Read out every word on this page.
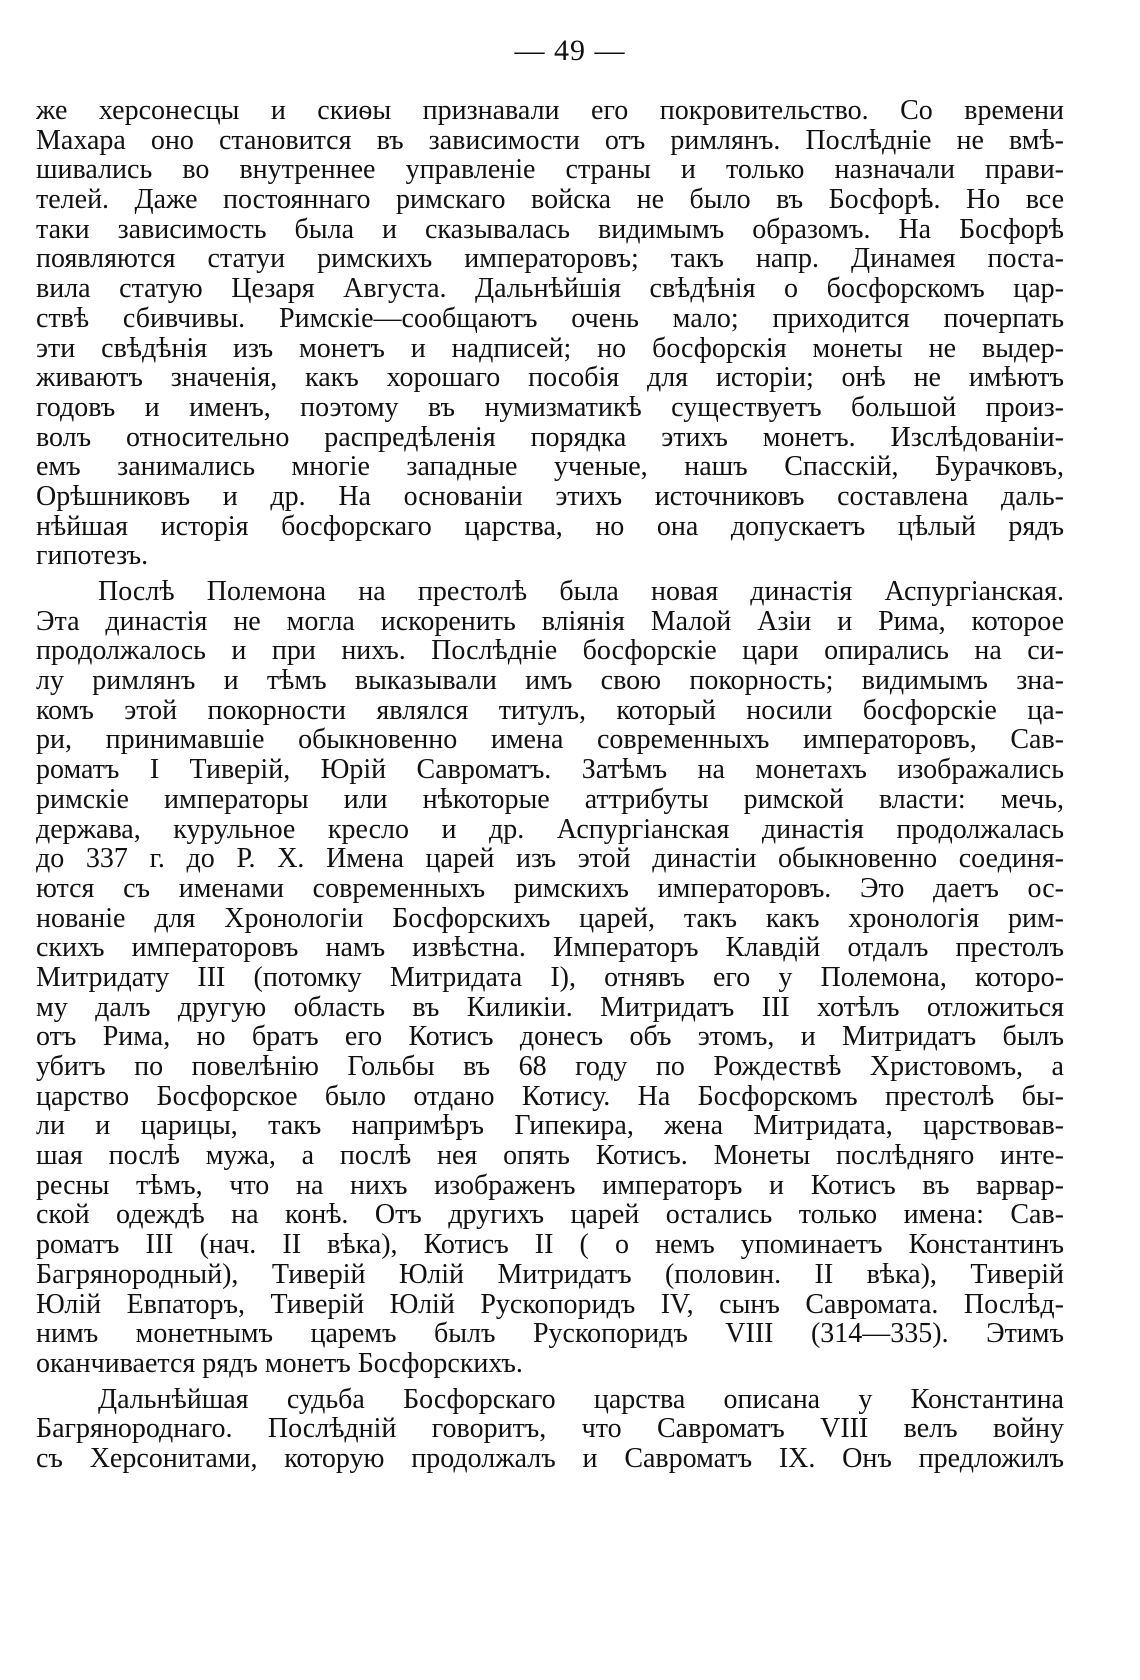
— 49 —
же херсонесцы и скиѳы признавали его покровительство. Со времени
Махара оно становится въ зависимости отъ римлянъ. Послѣдніе не вмѣ-
шивались во внутреннее управленіе страны и только назначали прави-
телей. Даже постояннаго римскаго войска не было въ Босфорѣ. Но все
таки зависимость была и сказывалась видимымъ образомъ. На Босфорѣ
появляются статуи римскихъ императоровъ; такъ напр. Динамея поста-
вила статую Цезаря Августа. Дальнѣйшія свѣдѣнія о босфорскомъ цар-
ствѣ сбивчивы. Римскіе—сообщаютъ очень мало; приходится почерпать
эти свѣдѣнія изъ монетъ и надписей; но босфорскія монеты не выдер-
живаютъ значенія, какъ хорошаго пособія для исторіи; онѣ не имѣютъ
годовъ и именъ, поэтому въ нумизматикѣ существуетъ большой произ-
волъ относительно распредѣленія порядка этихъ монетъ. Изслѣдованіи-
емъ занимались многіе западные ученые, нашъ Спасскій, Бурачковъ,
Орѣшниковъ и др. На основаніи этихъ источниковъ составлена даль-
нѣйшая исторія босфорскаго царства, но она допускаетъ цѣлый рядъ
гипотезъ.
Послѣ Полемона на престолѣ была новая династія Аспургіанская.
Эта династія не могла искоренить вліянія Малой Азіи и Рима, которое
продолжалось и при нихъ. Послѣдніе босфорскіе цари опирались на си-
лу римлянъ и тѣмъ выказывали имъ свою покорность; видимымъ зна-
комъ этой покорности являлся титулъ, который носили босфорскіе ца-
ри, принимавшіе обыкновенно имена современныхъ императоровъ, Сав-
роматъ I Тиверій, Юрій Савроматъ. Затѣмъ на монетахъ изображались
римскіе императоры или нѣкоторые аттрибуты римской власти: мечь,
держава, курульное кресло и др. Аспургіанская династія продолжалась
до 337 г. до Р. Х. Имена царей изъ этой династіи обыкновенно соединя-
ются съ именами современныхъ римскихъ императоровъ. Это даетъ ос-
нованіе для Хронологіи Босфорскихъ царей, такъ какъ хронологія рим-
скихъ императоровъ намъ извѣстна. Императоръ Клавдій отдалъ престолъ
Митридату III (потомку Митридата I), отнявъ его у Полемона, которо-
му далъ другую область въ Киликіи. Митридатъ III хотѣлъ отложиться
отъ Рима, но братъ его Котисъ донесъ объ этомъ, и Митридатъ былъ
убитъ по повелѣнію Гольбы въ 68 году по Рождествѣ Христовомъ, а
царство Босфорское было отдано Котису. На Босфорскомъ престолѣ бы-
ли и царицы, такъ напримѣръ Гипекира, жена Митридата, царствовав-
шая послѣ мужа, а послѣ нея опять Котисъ. Монеты послѣдняго инте-
ресны тѣмъ, что на нихъ изображенъ императоръ и Котисъ въ варвар-
ской одеждѣ на конѣ. Отъ другихъ царей остались только имена: Сав-
роматъ III (нач. II вѣка), Котисъ II ( о немъ упоминаетъ Константинъ
Багрянородный), Тиверій Юлій Митридатъ (половин. II вѣка), Тиверій
Юлій Евпаторъ, Тиверій Юлій Рускопоридъ IV, сынъ Савромата. Послѣд-
нимъ монетнымъ царемъ былъ Рускопоридъ VIII (314—335). Этимъ
оканчивается рядъ монетъ Босфорскихъ.
Дальнѣйшая судьба Босфорскаго царства описана у Константина
Багрянороднаго. Послѣдній говоритъ, что Савроматъ VIII велъ войну
съ Херсонитами, которую продолжалъ и Савроматъ IX. Онъ предложилъ
